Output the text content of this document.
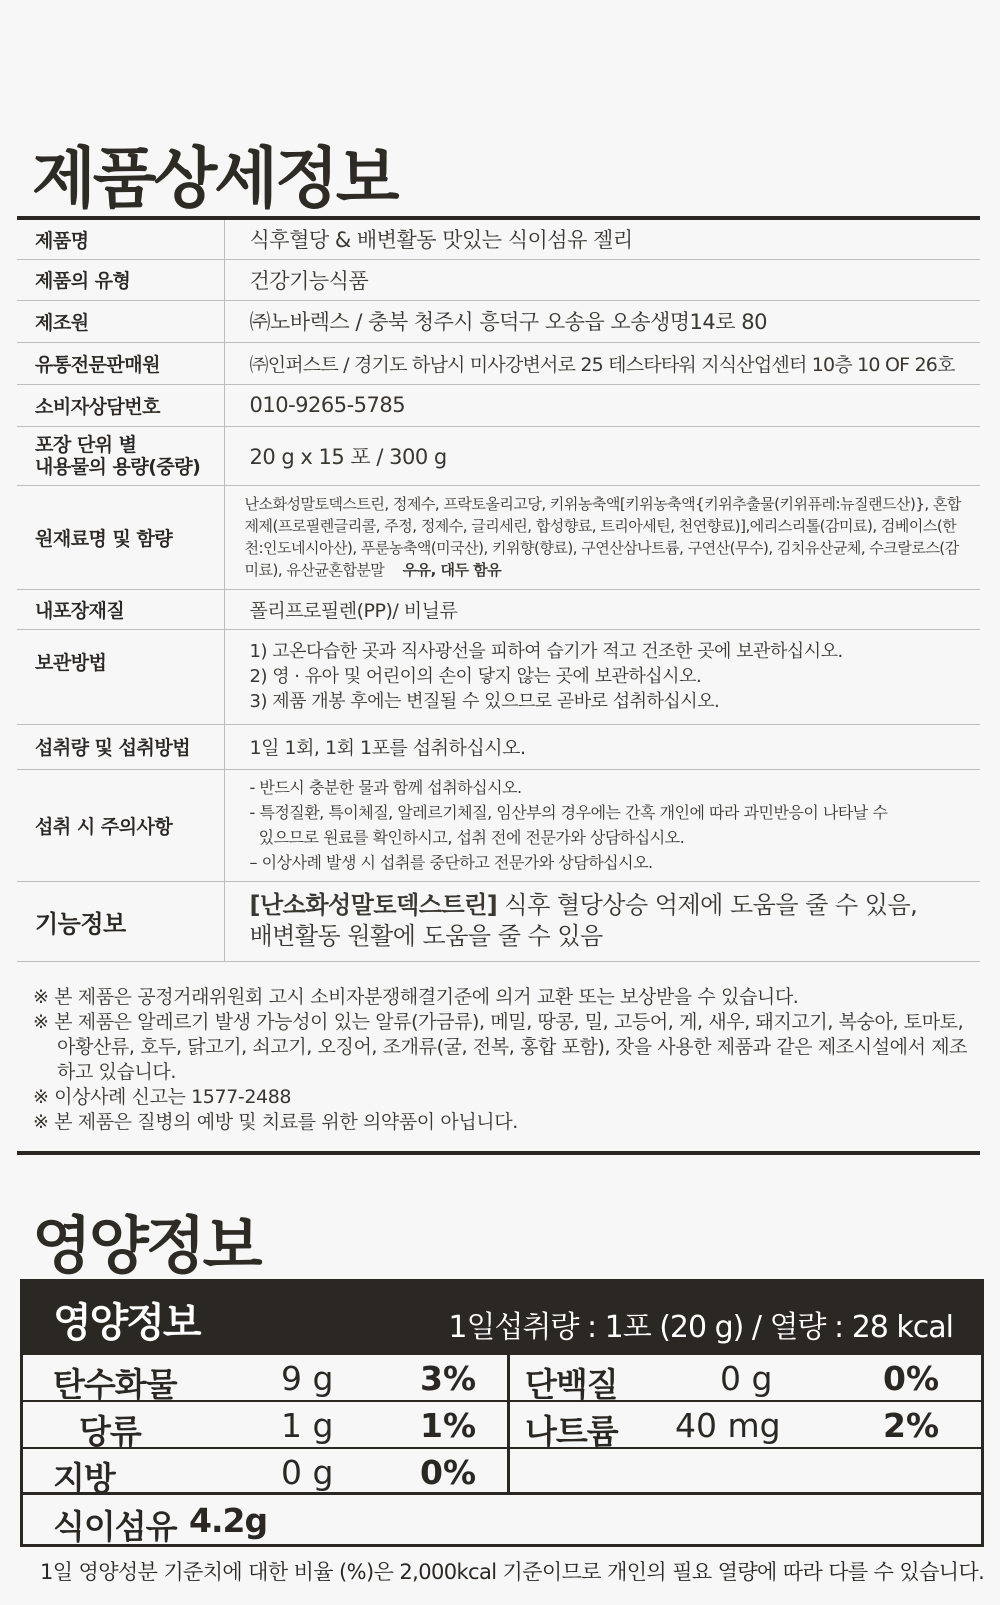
제품상세정보
제품명	식후혈당 & 배변활동 맛있는 식이섬유 젤리
제품의 유형	건강기능식품
제조원	㈜노바렉스 / 충북 청주시 흥덕구 오송읍 오송생명14로 80
유통전문판매원	㈜인퍼스트 / 경기도 하남시 미사강변서로 25 테스타타워 지식산업센터 10층 10 OF 26호
소비자상담번호	010-9265-5785

포장 단위 별
내용물의 용량(중량)	20 g x 15 포 / 300 g
원재료명 및 함량	난소화성말토덱스트린, 정제수, 프락토올리고당, 키위농축액[키위농축액{키위추출물(키위퓨레:뉴질랜드산)}, 혼합제제(프로필렌글리콜, 주정, 정제수, 글리세린, 합성향료, 트리아세틴, 천연향료)],에리스리톨(감미료), 검베이스(한천:인도네시아산), 푸룬농축액(미국산), 키위향(향료), 구연산삼나트륨, 구연산(무수), 김치유산균체, 수크랄로스(감미료), 유산균혼합분말 우유, 대두 함유
내포장재질	폴리프로필렌(PP)/ 비닐류
보관방법	1) 고온다습한 곳과 직사광선을 피하여 습기가 적고 건조한 곳에 보관하십시오.
2) 영 · 유아 및 어린이의 손이 닿지 않는 곳에 보관하십시오.
3) 제품 개봉 후에는 변질될 수 있으므로 곧바로 섭취하십시오.

섭취량 및 섭취방법	1일 1회, 1회 1포를 섭취하십시오.
섭취 시 주의사항	- 반드시 충분한 물과 함께 섭취하십시오.
- 특정질환, 특이체질, 알레르기체질, 임산부의 경우에는 간혹 개인에 따라 과민반응이 나타날 수
있으므로 원료를 확인하시고, 섭취 전에 전문가와 상담하십시오.
– 이상사례 발생 시 섭취를 중단하고 전문가와 상담하십시오.

기능정보	[난소화성말토덱스트린] 식후 혈당상승 억제에 도움을 줄 수 있음,
배변활동 원활에 도움을 줄 수 있음
※ 본 제품은 공정거래위원회 고시 소비자분쟁해결기준에 의거 교환 또는 보상받을 수 있습니다.
※ 본 제품은 알레르기 발생 가능성이 있는 알류(가금류), 메밀, 땅콩, 밀, 고등어, 게, 새우, 돼지고기, 복숭아, 토마토, 아황산류, 호두, 닭고기, 쇠고기, 오징어, 조개류(굴, 전복, 홍합 포함), 잣을 사용한 제품과 같은 제조시설에서 제조하고 있습니다.
※ 이상사례 신고는 1577-2488
※ 본 제품은 질병의 예방 및 치료를 위한 의약품이 아닙니다.
영양정보
영양정보	1일섭취량 : 1포 (20 g) / 열량 : 28 kcal
탄수화물	9 g	3% 단백질	0 g	0%
당류	1 g	1% 나트륨 40 mg	2%
지방	0 g	0%
식이섬유 4.2g
1일 영양성분 기준치에 대한 비율 (%)은 2,000kcal 기준이므로 개인의 필요 열량에 따라 다를 수 있습니다.
